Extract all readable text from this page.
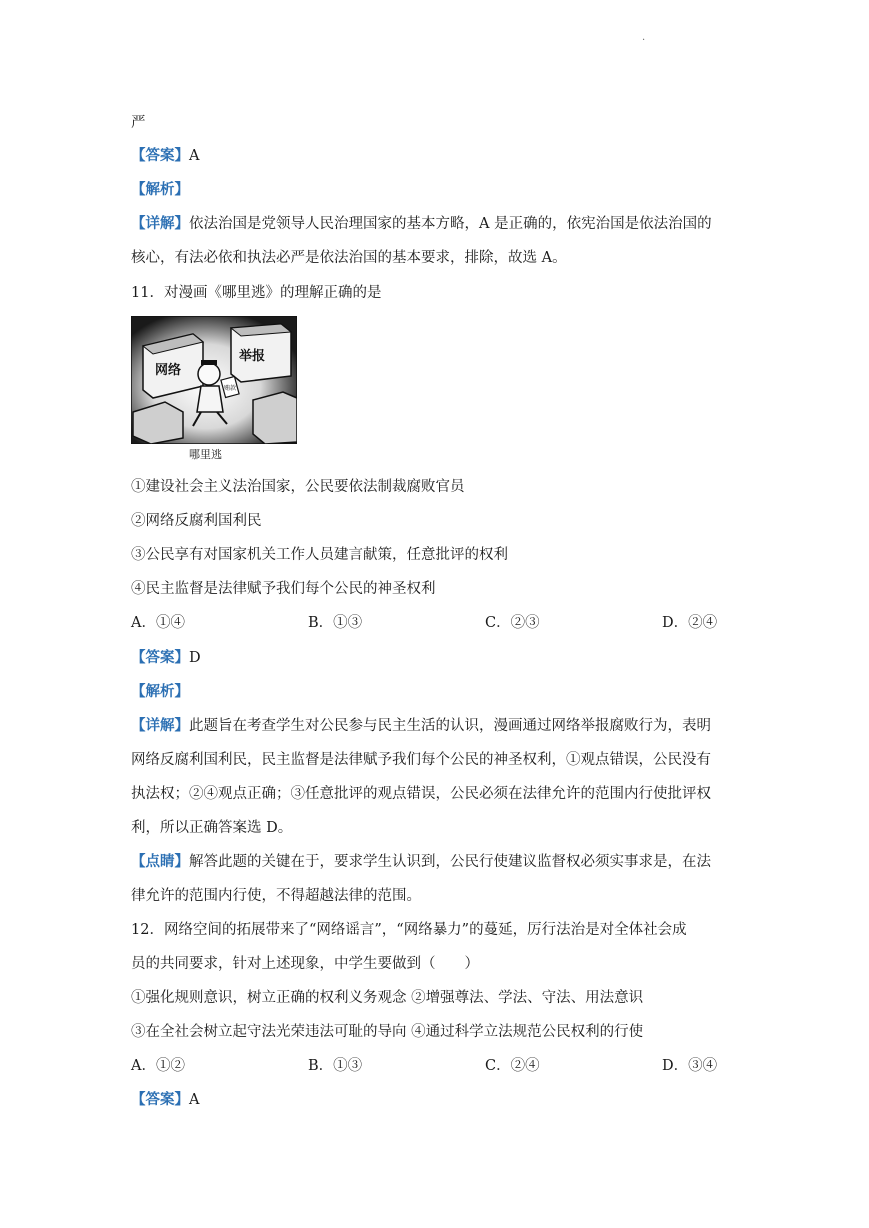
.
严
【答案】A
【解析】
【详解】依法治国是党领导人民治理国家的基本方略，A 是正确的，依宪治国是依法治国的
核心，有法必依和执法必严是依法治国的基本要求，排除，故选 A。
11．对漫画《哪里逃》的理解正确的是
网络
举报
贿款
哪里逃
①建设社会主义法治国家，公民要依法制裁腐败官员
②网络反腐利国利民
③公民享有对国家机关工作人员建言献策，任意批评的权利
④民主监督是法律赋予我们每个公民的神圣权利
A．①④	B．①③	C．②③	D．②④
【答案】D
【解析】
【详解】此题旨在考查学生对公民参与民主生活的认识，漫画通过网络举报腐败行为，表明
网络反腐利国利民，民主监督是法律赋予我们每个公民的神圣权利，①观点错误，公民没有
执法权；②④观点正确；③任意批评的观点错误，公民必须在法律允许的范围内行使批评权
利，所以正确答案选 D。
【点睛】解答此题的关键在于，要求学生认识到，公民行使建议监督权必须实事求是，在法
律允许的范围内行使，不得超越法律的范围。
12．网络空间的拓展带来了“网络谣言”，“网络暴力”的蔓延，厉行法治是对全体社会成
员的共同要求，针对上述现象，中学生要做到（　　）
①强化规则意识，树立正确的权利义务观念 ②增强尊法、学法、守法、用法意识
③在全社会树立起守法光荣违法可耻的导向 ④通过科学立法规范公民权利的行使
A．①②	B．①③	C．②④	D．③④
【答案】A
